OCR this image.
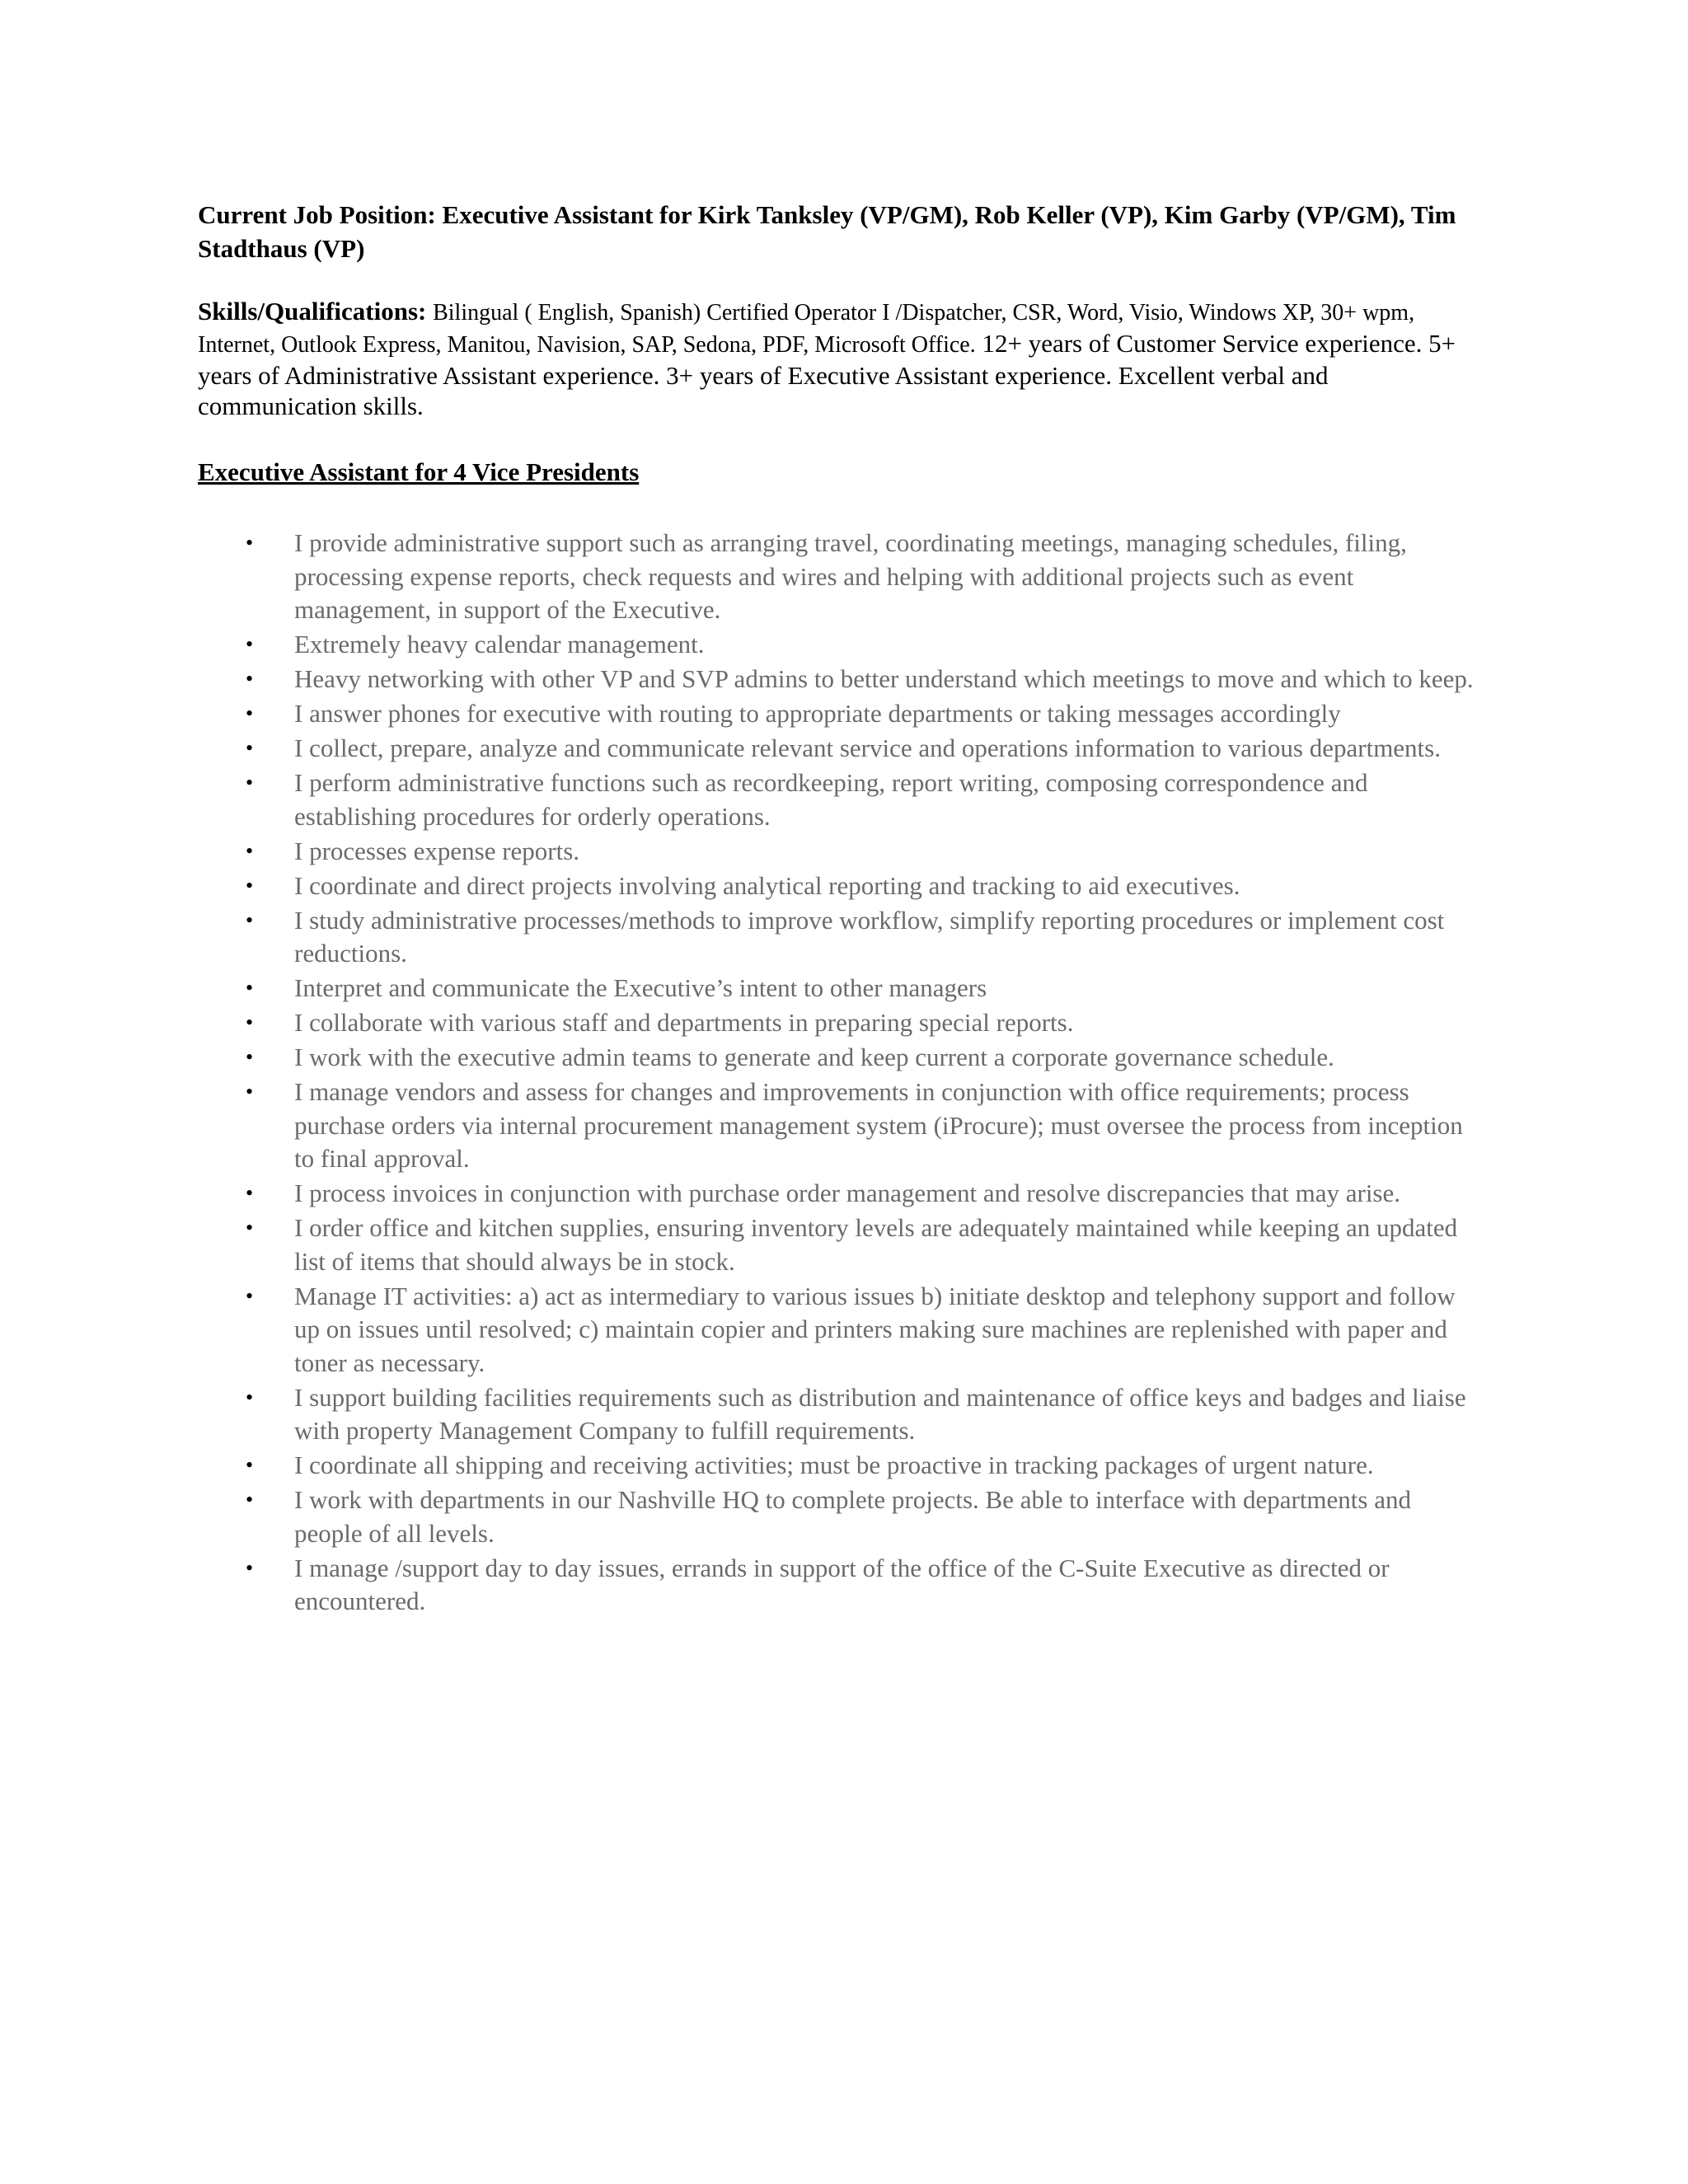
Current Job Position: Executive Assistant for Kirk Tanksley (VP/GM), Rob Keller (VP), Kim Garby (VP/GM), Tim Stadthaus (VP)

Skills/Qualifications: Bilingual ( English, Spanish) Certified Operator I /Dispatcher, CSR, Word, Visio, Windows XP, 30+ wpm, Internet, Outlook Express, Manitou, Navision, SAP, Sedona, PDF, Microsoft Office. 12+ years of Customer Service experience. 5+ years of Administrative Assistant experience. 3+ years of Executive Assistant experience. Excellent verbal and communication skills.
Executive Assistant for 4 Vice Presidents
• I provide administrative support such as arranging travel, coordinating meetings, managing schedules, filing, processing expense reports, check requests and wires and helping with additional projects such as event management, in support of the Executive.
• Extremely heavy calendar management.
• Heavy networking with other VP and SVP admins to better understand which meetings to move and which to keep.
• I answer phones for executive with routing to appropriate departments or taking messages accordingly
• I collect, prepare, analyze and communicate relevant service and operations information to various departments.
• I perform administrative functions such as recordkeeping, report writing, composing correspondence and establishing procedures for orderly operations.
• I processes expense reports.
• I coordinate and direct projects involving analytical reporting and tracking to aid executives.
• I study administrative processes/methods to improve workflow, simplify reporting procedures or implement cost reductions.
• Interpret and communicate the Executive’s intent to other managers
• I collaborate with various staff and departments in preparing special reports.
• I work with the executive admin teams to generate and keep current a corporate governance schedule.
• I manage vendors and assess for changes and improvements in conjunction with office requirements; process purchase orders via internal procurement management system (iProcure); must oversee the process from inception to final approval.
• I process invoices in conjunction with purchase order management and resolve discrepancies that may arise.
• I order office and kitchen supplies, ensuring inventory levels are adequately maintained while keeping an updated list of items that should always be in stock.
• Manage IT activities: a) act as intermediary to various issues b) initiate desktop and telephony support and follow up on issues until resolved; c) maintain copier and printers making sure machines are replenished with paper and toner as necessary.
• I support building facilities requirements such as distribution and maintenance of office keys and badges and liaise with property Management Company to fulfill requirements.
• I coordinate all shipping and receiving activities; must be proactive in tracking packages of urgent nature.
• I work with departments in our Nashville HQ to complete projects. Be able to interface with departments and people of all levels.
• I manage /support day to day issues, errands in support of the office of the C-Suite Executive as directed or encountered.
